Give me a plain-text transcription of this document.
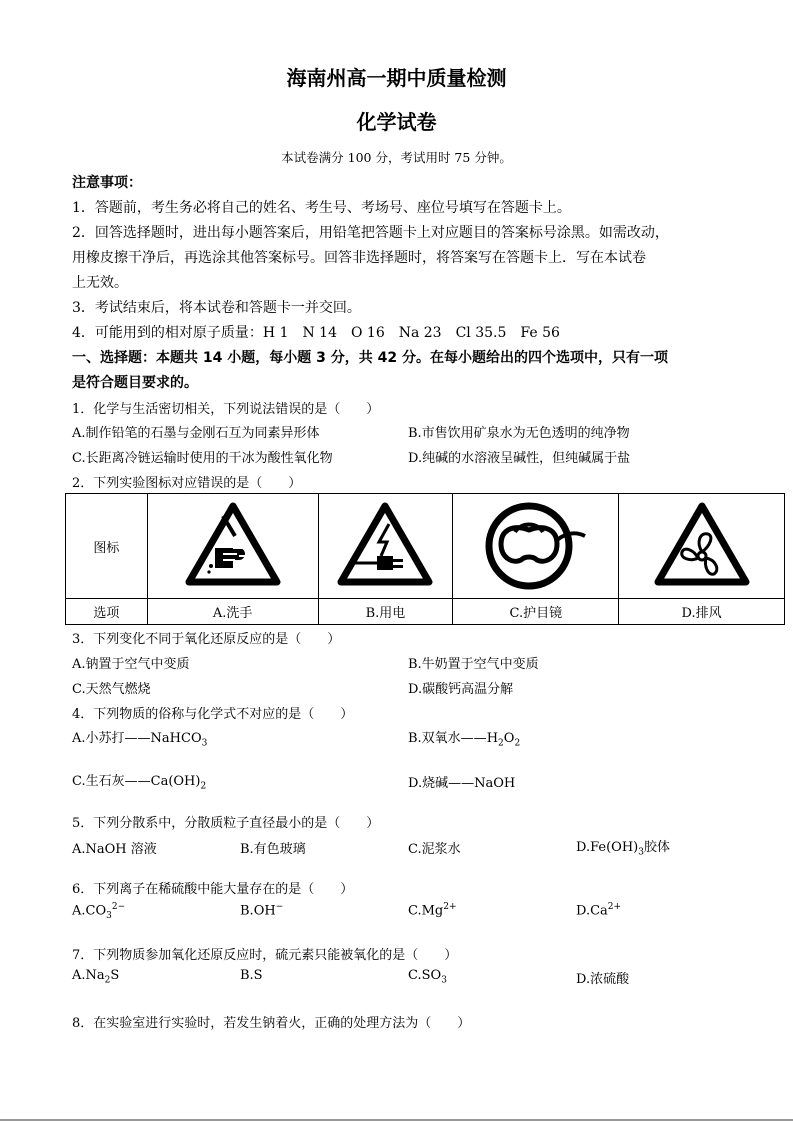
海南州高一期中质量检测
化学试卷
本试卷满分 100 分，考试用时 75 分钟。
注意事项：
1．答题前，考生务必将自己的姓名、考生号、考场号、座位号填写在答题卡上。
2．回答选择题时，进出每小题答案后，用铅笔把答题卡上对应题目的答案标号涂黑。如需改动，
用橡皮擦干净后，再选涂其他答案标号。回答非选择题时，将答案写在答题卡上．写在本试卷
上无效。
3．考试结束后，将本试卷和答题卡一并交回。
4．可能用到的相对原子质量：H 1　N 14　O 16　Na 23　Cl 35.5　Fe 56
一、选择题：本题共 14 小题，每小题 3 分，共 42 分。在每小题给出的四个选项中，只有一项
是符合题目要求的。
1．化学与生活密切相关，下列说法错误的是（　　）
A.制作铅笔的石墨与金刚石互为同素异形体	B.市售饮用矿泉水为无色透明的纯净物
C.长距离冷链运输时使用的干冰为酸性氧化物	D.纯碱的水溶液呈碱性，但纯碱属于盐
2．下列实验图标对应错误的是（　　）
图标				
选项	A.洗手	B.用电	C.护目镜	D.排风
3．下列变化不同于氧化还原反应的是（　　）
A.钠置于空气中变质	B.牛奶置于空气中变质
C.天然气燃烧	D.碳酸钙高温分解
4．下列物质的俗称与化学式不对应的是（　　）
A.小苏打——NaHCO$_3$	B.双氧水$——H_2O_2$
C.生石灰$——Ca(OH)_2$	D.烧碱——NaOH
5．下列分散系中，分散质粒子直径最小的是（　　）
A.NaOH 溶液	B.有色玻璃	C.泥浆水	$D.Fe(OH)_3$胶体
6．下列离子在稀硫酸中能大量存在的是（　　）
$A.CO_3^{2-}$	B.OH−	$C.Mg^{2+}$	$D.Ca^{2+}$
7．下列物质参加氧化还原反应时，硫元素只能被氧化的是（　　）
$A.Na_2S$	B.S	$C.SO_3$	D.浓硫酸
8．在实验室进行实验时，若发生钠着火，正确的处理方法为（　　）
